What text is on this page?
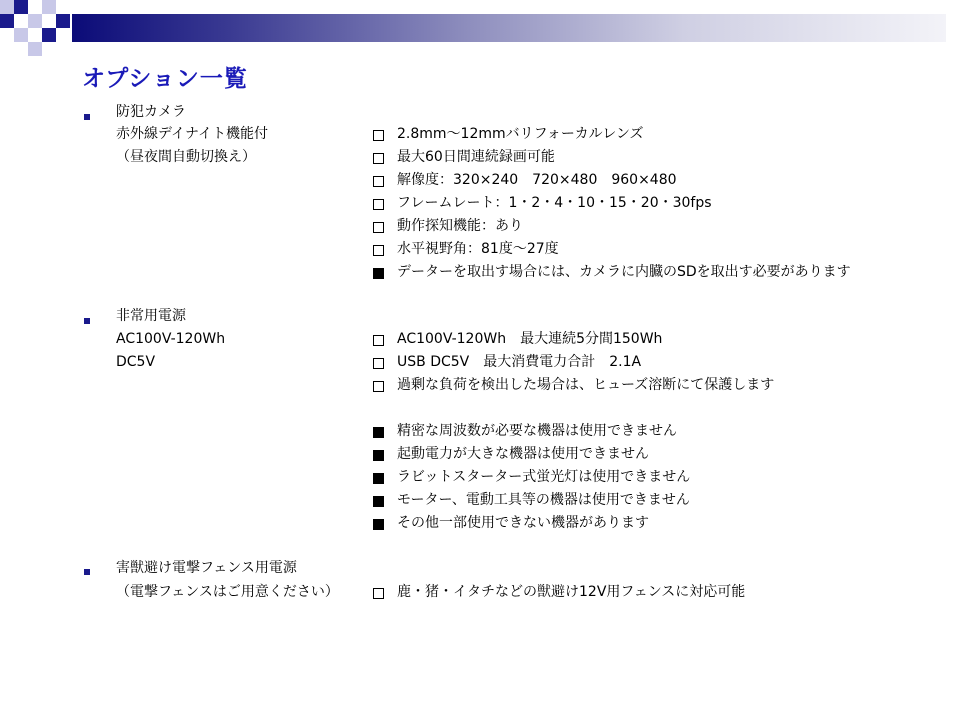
オプション一覧
防犯カメラ
赤外線デイナイト機能付
（昼夜間自動切換え）
2.8mm～12mmバリフォーカルレンズ
最大60日間連続録画可能
解像度：320×240　720×480　960×480
フレームレート：1・2・4・10・15・20・30fps
動作探知機能：あり
水平視野角：81度～27度
データーを取出す場合には、カメラに内臓のSDを取出す必要があります
非常用電源
AC100V-120Wh
DC5V
AC100V-120Wh　最大連続5分間150Wh
USB DC5V　最大消費電力合計　2.1A
過剰な負荷を検出した場合は、ヒューズ溶断にて保護します
精密な周波数が必要な機器は使用できません
起動電力が大きな機器は使用できません
ラビットスターター式蛍光灯は使用できません
モーター、電動工具等の機器は使用できません
その他一部使用できない機器があります
害獣避け電撃フェンス用電源
（電撃フェンスはご用意ください）	鹿・猪・イタチなどの獣避け12V用フェンスに対応可能
